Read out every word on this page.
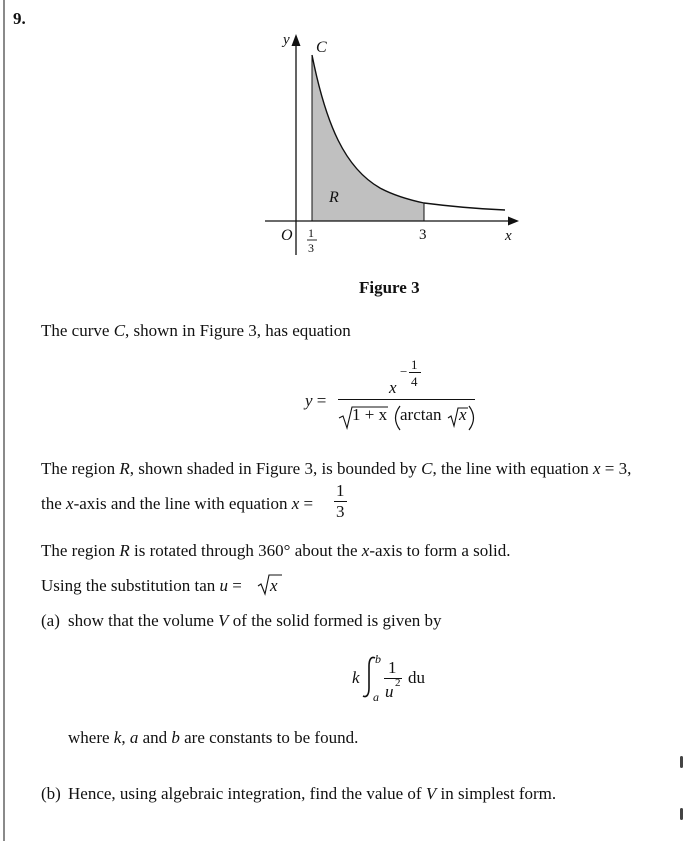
9.
y C
R
O 1
3
3	x
Figure 3
The curve C, shown in Figure 3, has equation
y =
x
− 1
4
1 + x arctan x
The region R, shown shaded in Figure 3, is bounded by C, the line with equation x = 3,
the x-axis and the line with equation $x = \frac{1}{3}$
The region R is rotated through 360° about the x-axis to form a solid.
Using the substitution tan u = x
(a) show that the volume V of the solid formed is given by
k
b
a
1
u 2 du
where k, a and b are constants to be found.
(b) Hence, using algebraic integration, find the value of V in simplest form.
